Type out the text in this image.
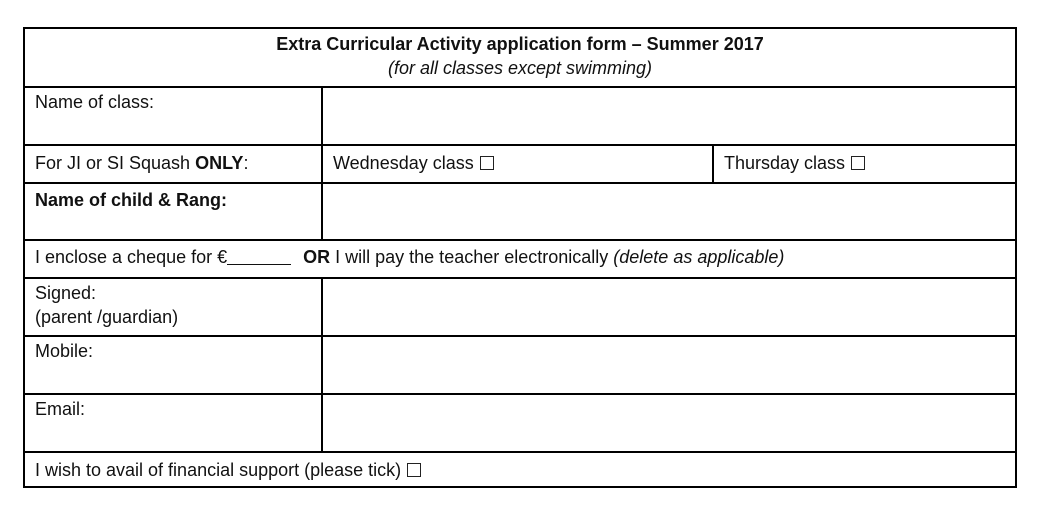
Extra Curricular Activity application form – Summer 2017
(for all classes except swimming)
Name of class:
For JI or SI Squash ONLY:	Wednesday class	Thursday class
Name of child & Rang:
I enclose a cheque for €	OR I will pay the teacher electronically (delete as applicable)
Signed:
(parent /guardian)
Mobile:
Email:
I wish to avail of financial support (please tick)
